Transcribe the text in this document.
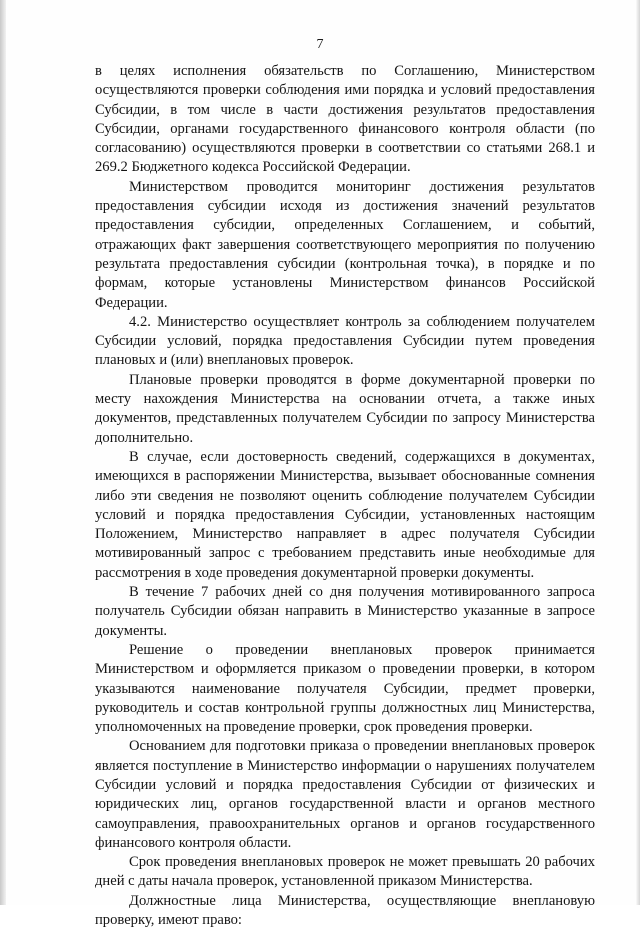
7

в целях исполнения обязательств по Соглашению, Министерством осуществляются проверки соблюдения ими порядка и условий предоставления Субсидии, в том числе в части достижения результатов предоставления Субсидии, органами государственного финансового контроля области (по согласованию) осуществляются проверки в соответствии со статьями 268.1 и 269.2 Бюджетного кодекса Российской Федерации.

Министерством проводится мониторинг достижения результатов предоставления субсидии исходя из достижения значений результатов предоставления субсидии, определенных Соглашением, и событий, отражающих факт завершения соответствующего мероприятия по получению результата предоставления субсидии (контрольная точка), в порядке и по формам, которые установлены Министерством финансов Российской Федерации.

4.2. Министерство осуществляет контроль за соблюдением получателем Субсидии условий, порядка предоставления Субсидии путем проведения плановых и (или) внеплановых проверок.

Плановые проверки проводятся в форме документарной проверки по месту нахождения Министерства на основании отчета, а также иных документов, представленных получателем Субсидии по запросу Министерства дополнительно.

В случае, если достоверность сведений, содержащихся в документах, имеющихся в распоряжении Министерства, вызывает обоснованные сомнения либо эти сведения не позволяют оценить соблюдение получателем Субсидии условий и порядка предоставления Субсидии, установленных настоящим Положением, Министерство направляет в адрес получателя Субсидии мотивированный запрос с требованием представить иные необходимые для рассмотрения в ходе проведения документарной проверки документы.

В течение 7 рабочих дней со дня получения мотивированного запроса получатель Субсидии обязан направить в Министерство указанные в запросе документы.

Решение о проведении внеплановых проверок принимается Министерством и оформляется приказом о проведении проверки, в котором указываются наименование получателя Субсидии, предмет проверки, руководитель и состав контрольной группы должностных лиц Министерства, уполномоченных на проведение проверки, срок проведения проверки.

Основанием для подготовки приказа о проведении внеплановых проверок является поступление в Министерство информации о нарушениях получателем Субсидии условий и порядка предоставления Субсидии от физических и юридических лиц, органов государственной власти и органов местного самоуправления, правоохранительных органов и органов государственного финансового контроля области.

Срок проведения внеплановых проверок не может превышать 20 рабочих дней с даты начала проверок, установленной приказом Министерства.

Должностные лица Министерства, осуществляющие внеплановую проверку, имеют право:
